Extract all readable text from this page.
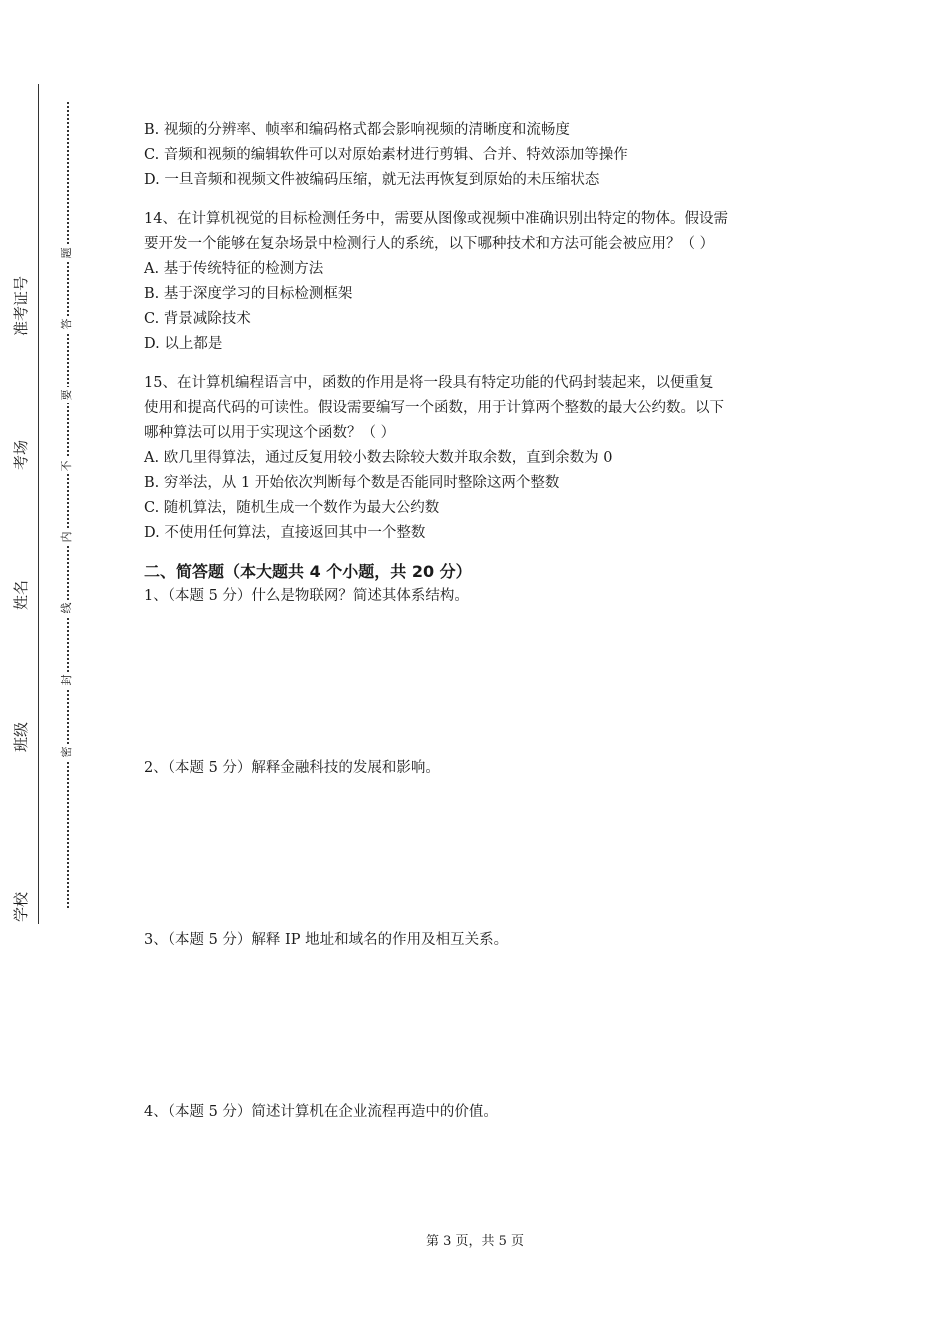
准考证号
考场
姓名
班级
学校
题
答
要
不
内
线
封
密
B. 视频的分辨率、帧率和编码格式都会影响视频的清晰度和流畅度
C. 音频和视频的编辑软件可以对原始素材进行剪辑、合并、特效添加等操作
D. 一旦音频和视频文件被编码压缩，就无法再恢复到原始的未压缩状态
14、在计算机视觉的目标检测任务中，需要从图像或视频中准确识别出特定的物体。假设需
要开发一个能够在复杂场景中检测行人的系统，以下哪种技术和方法可能会被应用？（ ）
A. 基于传统特征的检测方法
B. 基于深度学习的目标检测框架
C. 背景减除技术
D. 以上都是
15、在计算机编程语言中，函数的作用是将一段具有特定功能的代码封装起来，以便重复
使用和提高代码的可读性。假设需要编写一个函数，用于计算两个整数的最大公约数。以下
哪种算法可以用于实现这个函数？（ ）
A. 欧几里得算法，通过反复用较小数去除较大数并取余数，直到余数为 0
B. 穷举法，从 1 开始依次判断每个数是否能同时整除这两个整数
C. 随机算法，随机生成一个数作为最大公约数
D. 不使用任何算法，直接返回其中一个整数
二、简答题（本大题共 4 个小题，共 20 分）
1、（本题 5 分）什么是物联网？简述其体系结构。
2、（本题 5 分）解释金融科技的发展和影响。
3、（本题 5 分）解释 IP 地址和域名的作用及相互关系。
4、（本题 5 分）简述计算机在企业流程再造中的价值。
第 3 页，共 5 页
